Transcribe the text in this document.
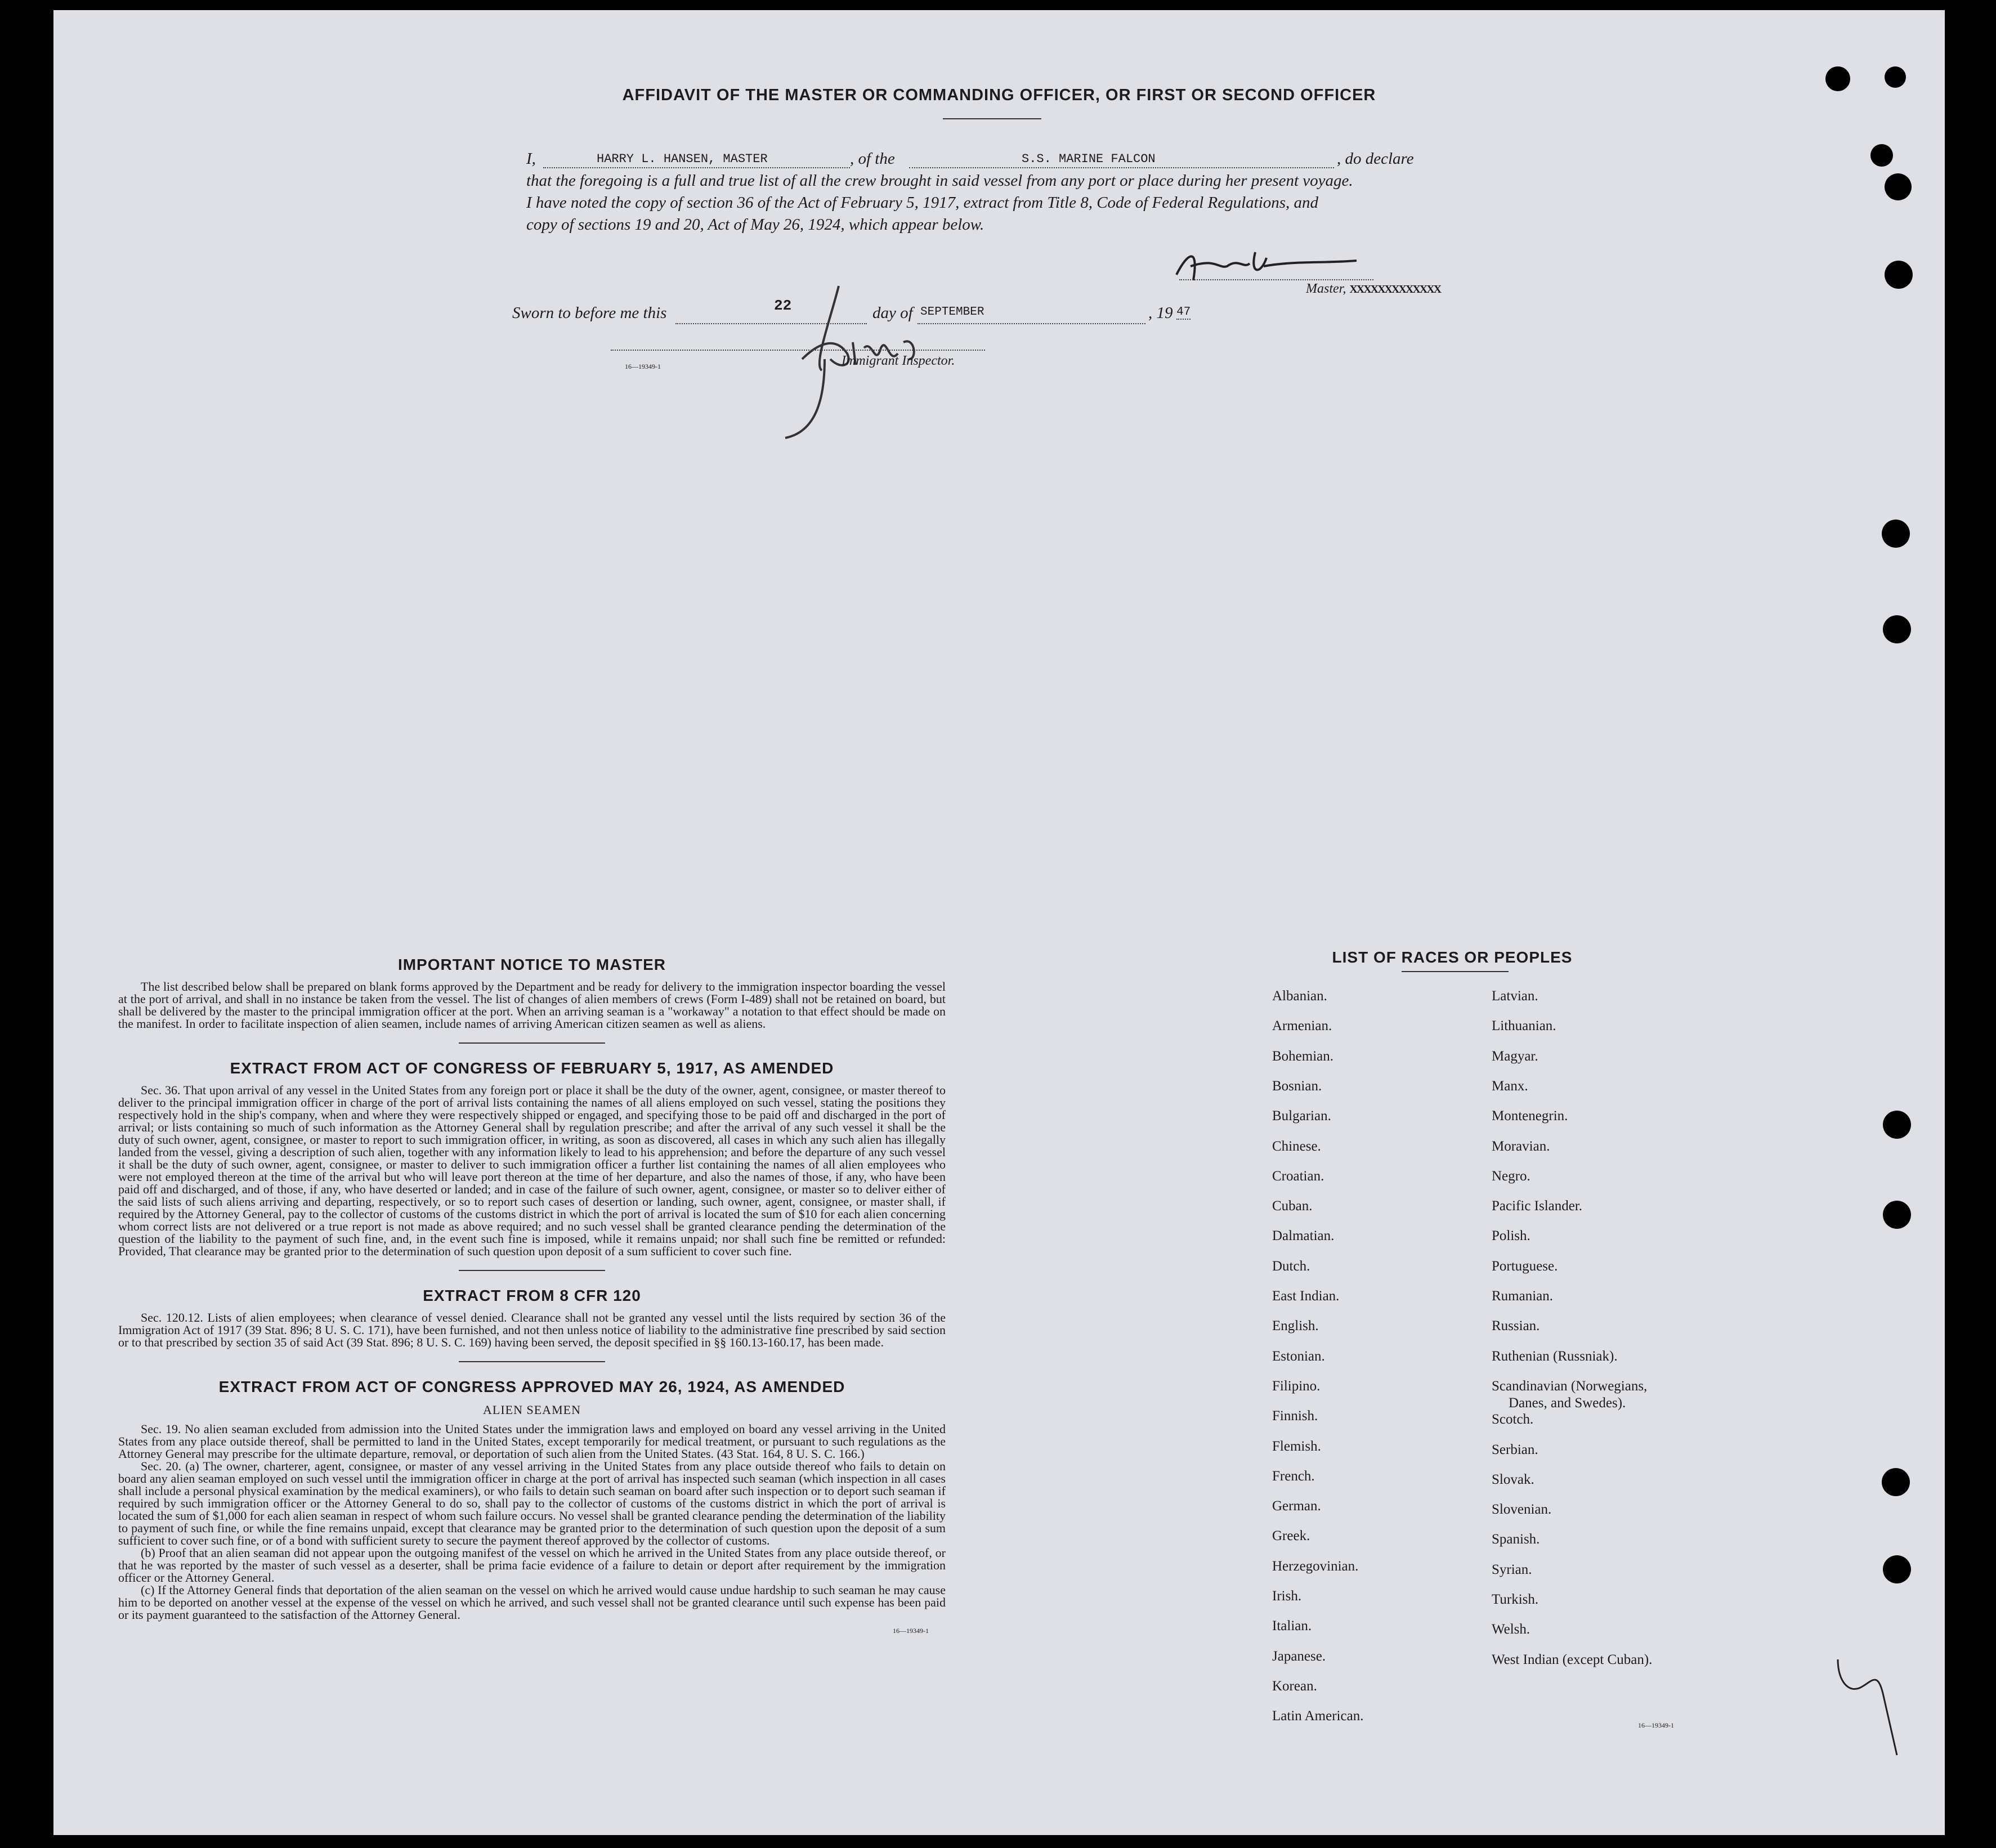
AFFIDAVIT OF THE MASTER OR COMMANDING OFFICER, OR FIRST OR SECOND OFFICER
I,	HARRY L. HANSEN, MASTER	, of the	S.S. MARINE FALCON	, do declare
that the foregoing is a full and true list of all the crew brought in said vessel from any port or place during her present voyage.
I have noted the copy of section 36 of the Act of February 5, 1917, extract from Title 8, Code of Federal Regulations, and
copy of sections 19 and 20, Act of May 26, 1924, which appear below.
Master, XXXXXXXXXXXXX
Sworn to before me this	22	day of SEPTEMBER	, 19 47
16—19349-1	Immigrant Inspector.
IMPORTANT NOTICE TO MASTER
The list described below shall be prepared on blank forms approved by the Department and be ready for delivery to the immigration inspector boarding the vessel at the port of arrival, and shall in no instance be taken from the vessel. The list of changes of alien members of crews (Form I-489) shall not be retained on board, but shall be delivered by the master to the principal immigration officer at the port. When an arriving seaman is a "workaway" a notation to that effect should be made on the manifest. In order to facilitate inspection of alien seamen, include names of arriving American citizen seamen as well as aliens.
EXTRACT FROM ACT OF CONGRESS OF FEBRUARY 5, 1917, AS AMENDED
Sec. 36. That upon arrival of any vessel in the United States from any foreign port or place it shall be the duty of the owner, agent, consignee, or master thereof to deliver to the principal immigration officer in charge of the port of arrival lists containing the names of all aliens employed on such vessel, stating the positions they respectively hold in the ship's company, when and where they were respectively shipped or engaged, and specifying those to be paid off and discharged in the port of arrival; or lists containing so much of such information as the Attorney General shall by regulation prescribe; and after the arrival of any such vessel it shall be the duty of such owner, agent, consignee, or master to report to such immigration officer, in writing, as soon as discovered, all cases in which any such alien has illegally landed from the vessel, giving a description of such alien, together with any information likely to lead to his apprehension; and before the departure of any such vessel it shall be the duty of such owner, agent, consignee, or master to deliver to such immigration officer a further list containing the names of all alien employees who were not employed thereon at the time of the arrival but who will leave port thereon at the time of her departure, and also the names of those, if any, who have been paid off and discharged, and of those, if any, who have deserted or landed; and in case of the failure of such owner, agent, consignee, or master so to deliver either of the said lists of such aliens arriving and departing, respectively, or so to report such cases of desertion or landing, such owner, agent, consignee, or master shall, if required by the Attorney General, pay to the collector of customs of the customs district in which the port of arrival is located the sum of $10 for each alien concerning whom correct lists are not delivered or a true report is not made as above required; and no such vessel shall be granted clearance pending the determination of the question of the liability to the payment of such fine, and, in the event such fine is imposed, while it remains unpaid; nor shall such fine be remitted or refunded: Provided, That clearance may be granted prior to the determination of such question upon deposit of a sum sufficient to cover such fine.
EXTRACT FROM 8 CFR 120
Sec. 120.12. Lists of alien employees; when clearance of vessel denied. Clearance shall not be granted any vessel until the lists required by section 36 of the Immigration Act of 1917 (39 Stat. 896; 8 U. S. C. 171), have been furnished, and not then unless notice of liability to the administrative fine prescribed by said section or to that prescribed by section 35 of said Act (39 Stat. 896; 8 U. S. C. 169) having been served, the deposit specified in §§ 160.13-160.17, has been made.
EXTRACT FROM ACT OF CONGRESS APPROVED MAY 26, 1924, AS AMENDED
ALIEN SEAMEN
Sec. 19. No alien seaman excluded from admission into the United States under the immigration laws and employed on board any vessel arriving in the United States from any place outside thereof, shall be permitted to land in the United States, except temporarily for medical treatment, or pursuant to such regulations as the Attorney General may prescribe for the ultimate departure, removal, or deportation of such alien from the United States. (43 Stat. 164, 8 U. S. C. 166.)
Sec. 20. (a) The owner, charterer, agent, consignee, or master of any vessel arriving in the United States from any place outside thereof who fails to detain on board any alien seaman employed on such vessel until the immigration officer in charge at the port of arrival has inspected such seaman (which inspection in all cases shall include a personal physical examination by the medical examiners), or who fails to detain such seaman on board after such inspection or to deport such seaman if required by such immigration officer or the Attorney General to do so, shall pay to the collector of customs of the customs district in which the port of arrival is located the sum of $1,000 for each alien seaman in respect of whom such failure occurs. No vessel shall be granted clearance pending the determination of the liability to payment of such fine, or while the fine remains unpaid, except that clearance may be granted prior to the determination of such question upon the deposit of a sum sufficient to cover such fine, or of a bond with sufficient surety to secure the payment thereof approved by the collector of customs.
(b) Proof that an alien seaman did not appear upon the outgoing manifest of the vessel on which he arrived in the United States from any place outside thereof, or that he was reported by the master of such vessel as a deserter, shall be prima facie evidence of a failure to detain or deport after requirement by the immigration officer or the Attorney General.
(c) If the Attorney General finds that deportation of the alien seaman on the vessel on which he arrived would cause undue hardship to such seaman he may cause him to be deported on another vessel at the expense of the vessel on which he arrived, and such vessel shall not be granted clearance until such expense has been paid or its payment guaranteed to the satisfaction of the Attorney General.
16—19349-1
LIST OF RACES OR PEOPLES
Albanian.
Armenian.
Bohemian.
Bosnian.
Bulgarian.
Chinese.
Croatian.
Cuban.
Dalmatian.
Dutch.
East Indian.
English.
Estonian.
Filipino.
Finnish.
Flemish.
French.
German.
Greek.
Herzegovinian.
Irish.
Italian.
Japanese.
Korean.
Latin American.
Latvian.
Lithuanian.
Magyar.
Manx.
Montenegrin.
Moravian.
Negro.
Pacific Islander.
Polish.
Portuguese.
Rumanian.
Russian.
Ruthenian (Russniak).
Scandinavian (Norwegians,
Danes, and Swedes).
Scotch.
Serbian.
Slovak.
Slovenian.
Spanish.
Syrian.
Turkish.
Welsh.
West Indian (except Cuban).
16—19349-1
